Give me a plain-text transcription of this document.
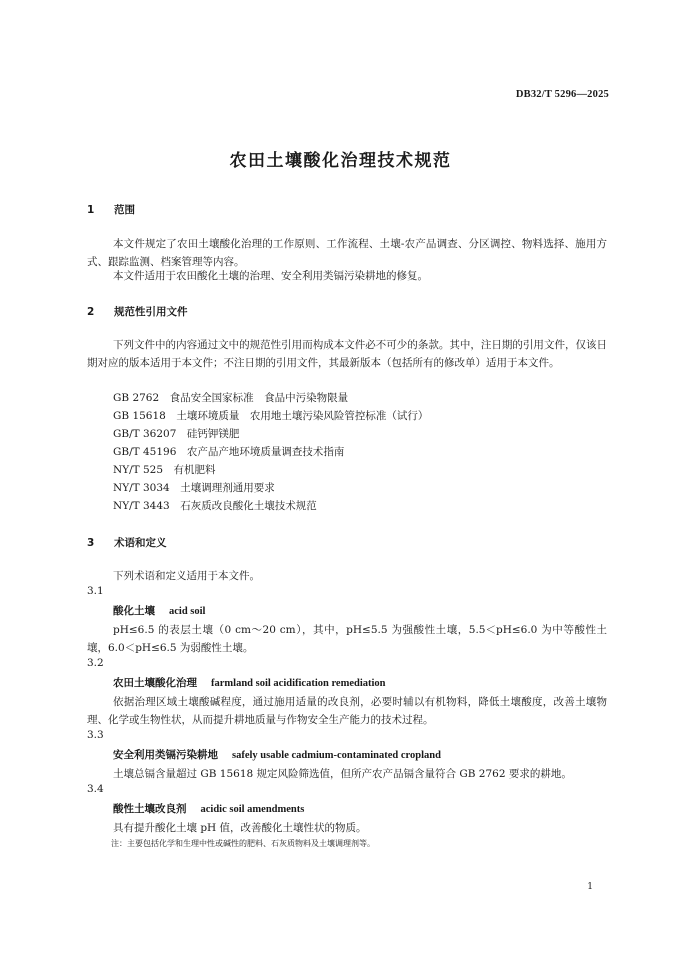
DB32/T 5296—2025
农田土壤酸化治理技术规范
1 范围
本文件规定了农田土壤酸化治理的工作原则、工作流程、土壤-农产品调查、分区调控、物料选择、施用方式、跟踪监测、档案管理等内容。
本文件适用于农田酸化土壤的治理、安全利用类镉污染耕地的修复。
2 规范性引用文件
下列文件中的内容通过文中的规范性引用而构成本文件必不可少的条款。其中，注日期的引用文件，仅该日期对应的版本适用于本文件；不注日期的引用文件，其最新版本（包括所有的修改单）适用于本文件。
GB 2762　 食品安全国家标准　食品中污染物限量
GB 15618　 土壤环境质量　农用地土壤污染风险管控标准（试行）
GB/T 36207　 硅钙钾镁肥
GB/T 45196　 农产品产地环境质量调查技术指南
NY/T 525　 有机肥料
NY/T 3034　 土壤调理剂通用要求
NY/T 3443　 石灰质改良酸化土壤技术规范
3 术语和定义
下列术语和定义适用于本文件。
3.1
酸化土壤 acid soil
pH≤6.5 的表层土壤（0 cm～20 cm），其中，pH≤5.5 为强酸性土壤，5.5＜pH≤6.0 为中等酸性土壤，6.0＜pH≤6.5 为弱酸性土壤。
3.2
农田土壤酸化治理 farmland soil acidification remediation
依据治理区域土壤酸碱程度，通过施用适量的改良剂，必要时辅以有机物料，降低土壤酸度，改善土壤物理、化学或生物性状，从而提升耕地质量与作物安全生产能力的技术过程。
3.3
安全利用类镉污染耕地 safely usable cadmium-contaminated cropland
土壤总镉含量超过 GB 15618 规定风险筛选值，但所产农产品镉含量符合 GB 2762 要求的耕地。
3.4
酸性土壤改良剂 acidic soil amendments
具有提升酸化土壤 pH 值，改善酸化土壤性状的物质。
注：主要包括化学和生理中性或碱性的肥料、石灰质物料及土壤调理剂等。
1
